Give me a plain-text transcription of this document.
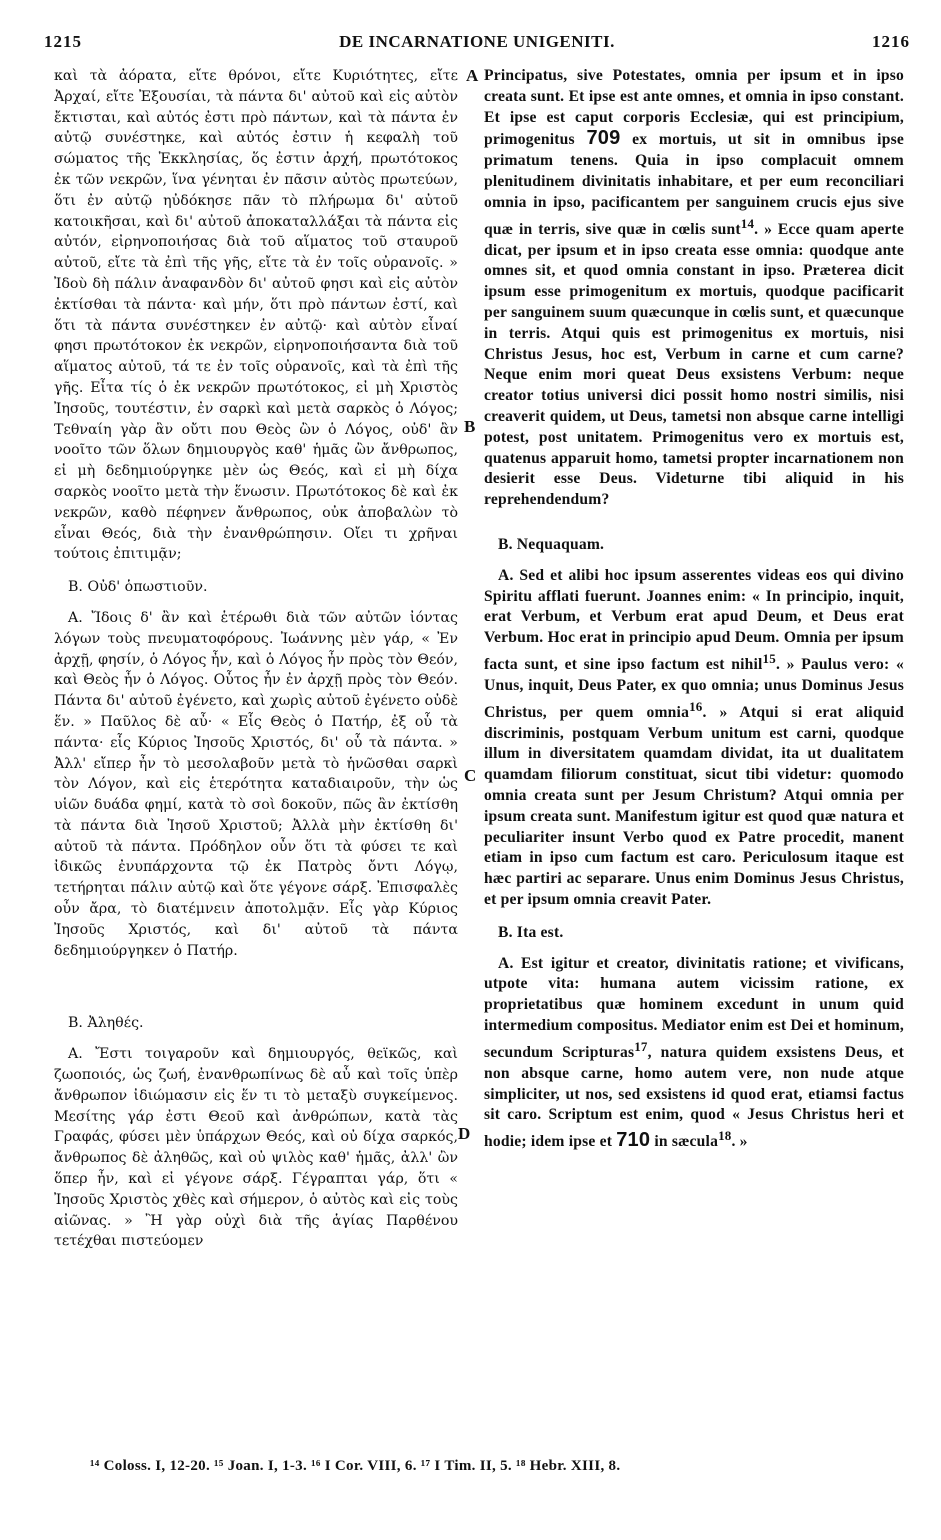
1215	DE INCARNATIONE UNIGENITI.	1216
A
B
C
D

καὶ τὰ ἀόρατα, εἴτε θρόνοι, εἴτε Κυριότητες, εἴτε Ἀρχαί, εἴτε Ἐξουσίαι, τὰ πάντα δι' αὐτοῦ καὶ εἰς αὐτὸν ἔκτισται, καὶ αὐτός ἐστι πρὸ πάντων, καὶ τὰ πάντα ἐν αὐτῷ συνέστηκε, καὶ αὐτός ἐστιν ἡ κεφαλὴ τοῦ σώματος τῆς Ἐκκλησίας, ὅς ἐστιν ἀρχή, πρωτότοκος ἐκ τῶν νεκρῶν, ἵνα γένηται ἐν πᾶσιν αὐτὸς πρωτεύων, ὅτι ἐν αὐτῷ ηὐδόκησε πᾶν τὸ πλήρωμα δι' αὐτοῦ κατοικῆσαι, καὶ δι' αὐτοῦ ἀποκαταλλάξαι τὰ πάντα εἰς αὐτόν, εἰρηνοποιήσας διὰ τοῦ αἵματος τοῦ σταυροῦ αὐτοῦ, εἴτε τὰ ἐπὶ τῆς γῆς, εἴτε τὰ ἐν τοῖς οὐρανοῖς. » Ἰδοὺ δὴ πάλιν ἀναφανδὸν δι' αὐτοῦ φησι καὶ εἰς αὐτὸν ἐκτίσθαι τὰ πάντα· καὶ μήν, ὅτι πρὸ πάντων ἐστί, καὶ ὅτι τὰ πάντα συνέστηκεν ἐν αὐτῷ· καὶ αὐτὸν εἶναί φησι πρωτότοκον ἐκ νεκρῶν, εἰρηνοποιήσαντα διὰ τοῦ αἵματος αὐτοῦ, τά τε ἐν τοῖς οὐρανοῖς, καὶ τὰ ἐπὶ τῆς γῆς. Εἶτα τίς ὁ ἐκ νεκρῶν πρωτότοκος, εἰ μὴ Χριστὸς Ἰησοῦς, τουτέστιν, ἐν σαρκὶ καὶ μετὰ σαρκὸς ὁ Λόγος; Τεθναίη γὰρ ἂν οὔτι που Θεὸς ὢν ὁ Λόγος, οὐδ' ἂν νοοῖτο τῶν ὅλων δημιουργὸς καθ' ἡμᾶς ὢν ἄνθρωπος, εἰ μὴ δεδημιούργηκε μὲν ὡς Θεός, καὶ εἰ μὴ δίχα σαρκὸς νοοῖτο μετὰ τὴν ἕνωσιν. Πρωτότοκος δὲ καὶ ἐκ νεκρῶν, καθὸ πέφηνεν ἄνθρωπος, οὐκ ἀποβαλὼν τὸ εἶναι Θεός, διὰ τὴν ἐνανθρώπησιν. Οἴει τι χρῆναι τούτοις ἐπιτιμᾷν;

Β. Οὐδ' ὁπωστιοῦν.

Α. Ἴδοις δ' ἂν καὶ ἑτέρωθι διὰ τῶν αὐτῶν ἰόντας λόγων τοὺς πνευματοφόρους. Ἰωάννης μὲν γάρ, « Ἐν ἀρχῇ, φησίν, ὁ Λόγος ἦν, καὶ ὁ Λόγος ἦν πρὸς τὸν Θεόν, καὶ Θεὸς ἦν ὁ Λόγος. Οὗτος ἦν ἐν ἀρχῇ πρὸς τὸν Θεόν. Πάντα δι' αὐτοῦ ἐγένετο, καὶ χωρὶς αὐτοῦ ἐγένετο οὐδὲ ἕν. » Παῦλος δὲ αὖ· « Εἷς Θεὸς ὁ Πατήρ, ἐξ οὗ τὰ πάντα· εἷς Κύριος Ἰησοῦς Χριστός, δι' οὗ τὰ πάντα. » Ἀλλ' εἴπερ ἦν τὸ μεσολαβοῦν μετὰ τὸ ἡνῶσθαι σαρκὶ τὸν Λόγον, καὶ εἰς ἑτερότητα καταδιαιροῦν, τὴν ὡς υἱῶν δυάδα φημί, κατὰ τὸ σοὶ δοκοῦν, πῶς ἂν ἐκτίσθη τὰ πάντα διὰ Ἰησοῦ Χριστοῦ; Ἀλλὰ μὴν ἐκτίσθη δι' αὐτοῦ τὰ πάντα. Πρόδηλον οὖν ὅτι τὰ φύσει τε καὶ ἰδικῶς ἐνυπάρχοντα τῷ ἐκ Πατρὸς ὄντι Λόγῳ, τετήρηται πάλιν αὐτῷ καὶ ὅτε γέγονε σάρξ. Ἐπισφαλὲς οὖν ἄρα, τὸ διατέμνειν ἀποτολμᾷν. Εἷς γὰρ Κύριος Ἰησοῦς Χριστός, καὶ δι' αὐτοῦ τὰ πάντα δεδημιούργηκεν ὁ Πατήρ.

Β. Ἀληθές.

Α. Ἔστι τοιγαροῦν καὶ δημιουργός, θεϊκῶς, καὶ ζωοποιός, ὡς ζωή, ἐνανθρωπίνως δὲ αὖ καὶ τοῖς ὑπὲρ ἄνθρωπον ἰδιώμασιν εἰς ἕν τι τὸ μεταξὺ συγκείμενος. Μεσίτης γάρ ἐστι Θεοῦ καὶ ἀνθρώπων, κατὰ τὰς Γραφάς, φύσει μὲν ὑπάρχων Θεός, καὶ οὐ δίχα σαρκός, ἄνθρωπος δὲ ἀληθῶς, καὶ οὐ ψιλὸς καθ' ἡμᾶς, ἀλλ' ὢν ὅπερ ἦν, καὶ εἰ γέγονε σάρξ. Γέγραπται γάρ, ὅτι « Ἰησοῦς Χριστὸς χθὲς καὶ σήμερον, ὁ αὐτὸς καὶ εἰς τοὺς αἰῶνας. » Ἢ γὰρ οὐχὶ διὰ τῆς ἁγίας Παρθένου τετέχθαι πιστεύομεν

Principatus, sive Potestates, omnia per ipsum et in ipso creata sunt. Et ipse est ante omnes, et omnia in ipso constant. Et ipse est caput corporis Ecclesiæ, qui est principium, primogenitus 709 ex mortuis, ut sit in omnibus ipse primatum tenens. Quia in ipso complacuit omnem plenitudinem divinitatis inhabitare, et per eum reconciliari omnia in ipso, pacificantem per sanguinem crucis ejus sive quæ in terris, sive quæ in cœlis sunt$^{14}$. » Ecce quam aperte dicat, per ipsum et in ipso creata esse omnia: quodque ante omnes sit, et quod omnia constant in ipso. Præterea dicit ipsum esse primogenitum ex mortuis, quodque pacificarit per sanguinem suum quæcunque in cœlis sunt, et quæcunque in terris. Atqui quis est primogenitus ex mortuis, nisi Christus Jesus, hoc est, Verbum in carne et cum carne? Neque enim mori queat Deus exsistens Verbum: neque creator totius universi dici possit homo nostri similis, nisi creaverit quidem, ut Deus, tametsi non absque carne intelligi potest, post unitatem. Primogenitus vero ex mortuis est, quatenus apparuit homo, tametsi propter incarnationem non desierit esse Deus. Videturne tibi aliquid in his reprehendendum?

B. Nequaquam.

A. Sed et alibi hoc ipsum asserentes videas eos qui divino Spiritu afflati fuerunt. Joannes enim: « In principio, inquit, erat Verbum, et Verbum erat apud Deum, et Deus erat Verbum. Hoc erat in principio apud Deum. Omnia per ipsum facta sunt, et sine ipso factum est nihil$^{15}$. » Paulus vero: « Unus, inquit, Deus Pater, ex quo omnia; unus Dominus Jesus Christus, per quem omnia$^{16}$. » Atqui si erat aliquid discriminis, postquam Verbum unitum est carni, quodque illum in diversitatem quamdam dividat, ita ut dualitatem quamdam filiorum constituat, sicut tibi videtur: quomodo omnia creata sunt per Jesum Christum? Atqui omnia per ipsum creata sunt. Manifestum igitur est quod quæ natura et peculiariter insunt Verbo quod ex Patre procedit, manent etiam in ipso cum factum est caro. Periculosum itaque est hæc partiri ac separare. Unus enim Dominus Jesus Christus, et per ipsum omnia creavit Pater.

B. Ita est.

A. Est igitur et creator, divinitatis ratione; et vivificans, utpote vita: humana autem vicissim ratione, ex proprietatibus quæ hominem excedunt in unum quid intermedium compositus. Mediator enim est Dei et hominum, secundum Scripturas$^{17}$, natura quidem exsistens Deus, et non absque carne, homo autem vere, non nude atque simpliciter, ut nos, sed exsistens id quod erat, etiamsi factus sit caro. Scriptum est enim, quod « Jesus Christus heri et hodie; idem ipse et 710 in sæcula$^{18}$. »

¹⁴ Coloss. I, 12-20. ¹⁵ Joan. I, 1-3. ¹⁶ I Cor. VIII, 6. ¹⁷ I Tim. II, 5. ¹⁸ Hebr. XIII, 8.
